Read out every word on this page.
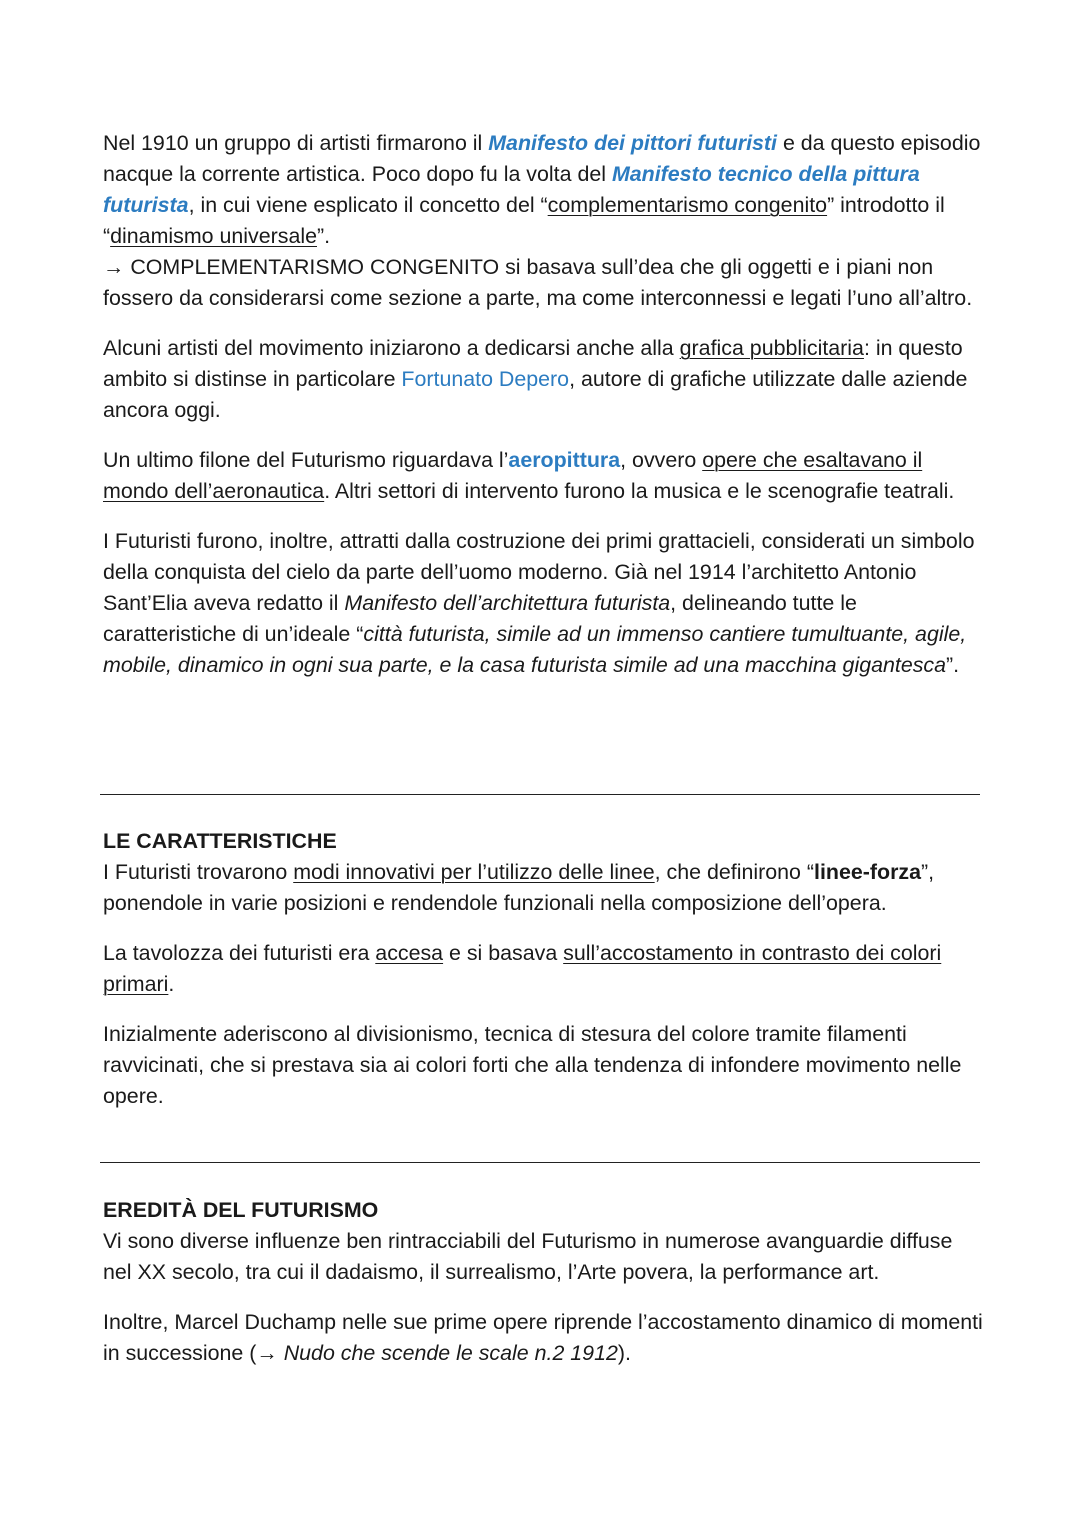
Nel 1910 un gruppo di artisti firmarono il Manifesto dei pittori futuristi e da questo episodio nacque la corrente artistica. Poco dopo fu la volta del Manifesto tecnico della pittura futurista, in cui viene esplicato il concetto del “complementarismo congenito” introdotto il “dinamismo universale”.

→ COMPLEMENTARISMO CONGENITO si basava sull’dea che gli oggetti e i piani non fossero da considerarsi come sezione a parte, ma come interconnessi e legati l’uno all’altro.

Alcuni artisti del movimento iniziarono a dedicarsi anche alla grafica pubblicitaria: in questo ambito si distinse in particolare Fortunato Depero, autore di grafiche utilizzate dalle aziende ancora oggi.

Un ultimo filone del Futurismo riguardava l’aeropittura, ovvero opere che esaltavano il mondo dell’aeronautica. Altri settori di intervento furono la musica e le scenografie teatrali.

I Futuristi furono, inoltre, attratti dalla costruzione dei primi grattacieli, considerati un simbolo della conquista del cielo da parte dell’uomo moderno. Già nel 1914 l’architetto Antonio Sant’Elia aveva redatto il Manifesto dell’architettura futurista, delineando tutte le caratteristiche di un’ideale “città futurista, simile ad un immenso cantiere tumultuante, agile, mobile, dinamico in ogni sua parte, e la casa futurista simile ad una macchina gigantesca”.

LE CARATTERISTICHE

I Futuristi trovarono modi innovativi per l’utilizzo delle linee, che definirono “linee-forza”, ponendole in varie posizioni e rendendole funzionali nella composizione dell’opera.

La tavolozza dei futuristi era accesa e si basava sull’accostamento in contrasto dei colori primari.

Inizialmente aderiscono al divisionismo, tecnica di stesura del colore tramite filamenti ravvicinati, che si prestava sia ai colori forti che alla tendenza di infondere movimento nelle opere.

EREDITÀ DEL FUTURISMO

Vi sono diverse influenze ben rintracciabili del Futurismo in numerose avanguardie diffuse nel XX secolo, tra cui il dadaismo, il surrealismo, l’Arte povera, la performance art.

Inoltre, Marcel Duchamp nelle sue prime opere riprende l’accostamento dinamico di momenti in successione (→ Nudo che scende le scale n.2 1912).
